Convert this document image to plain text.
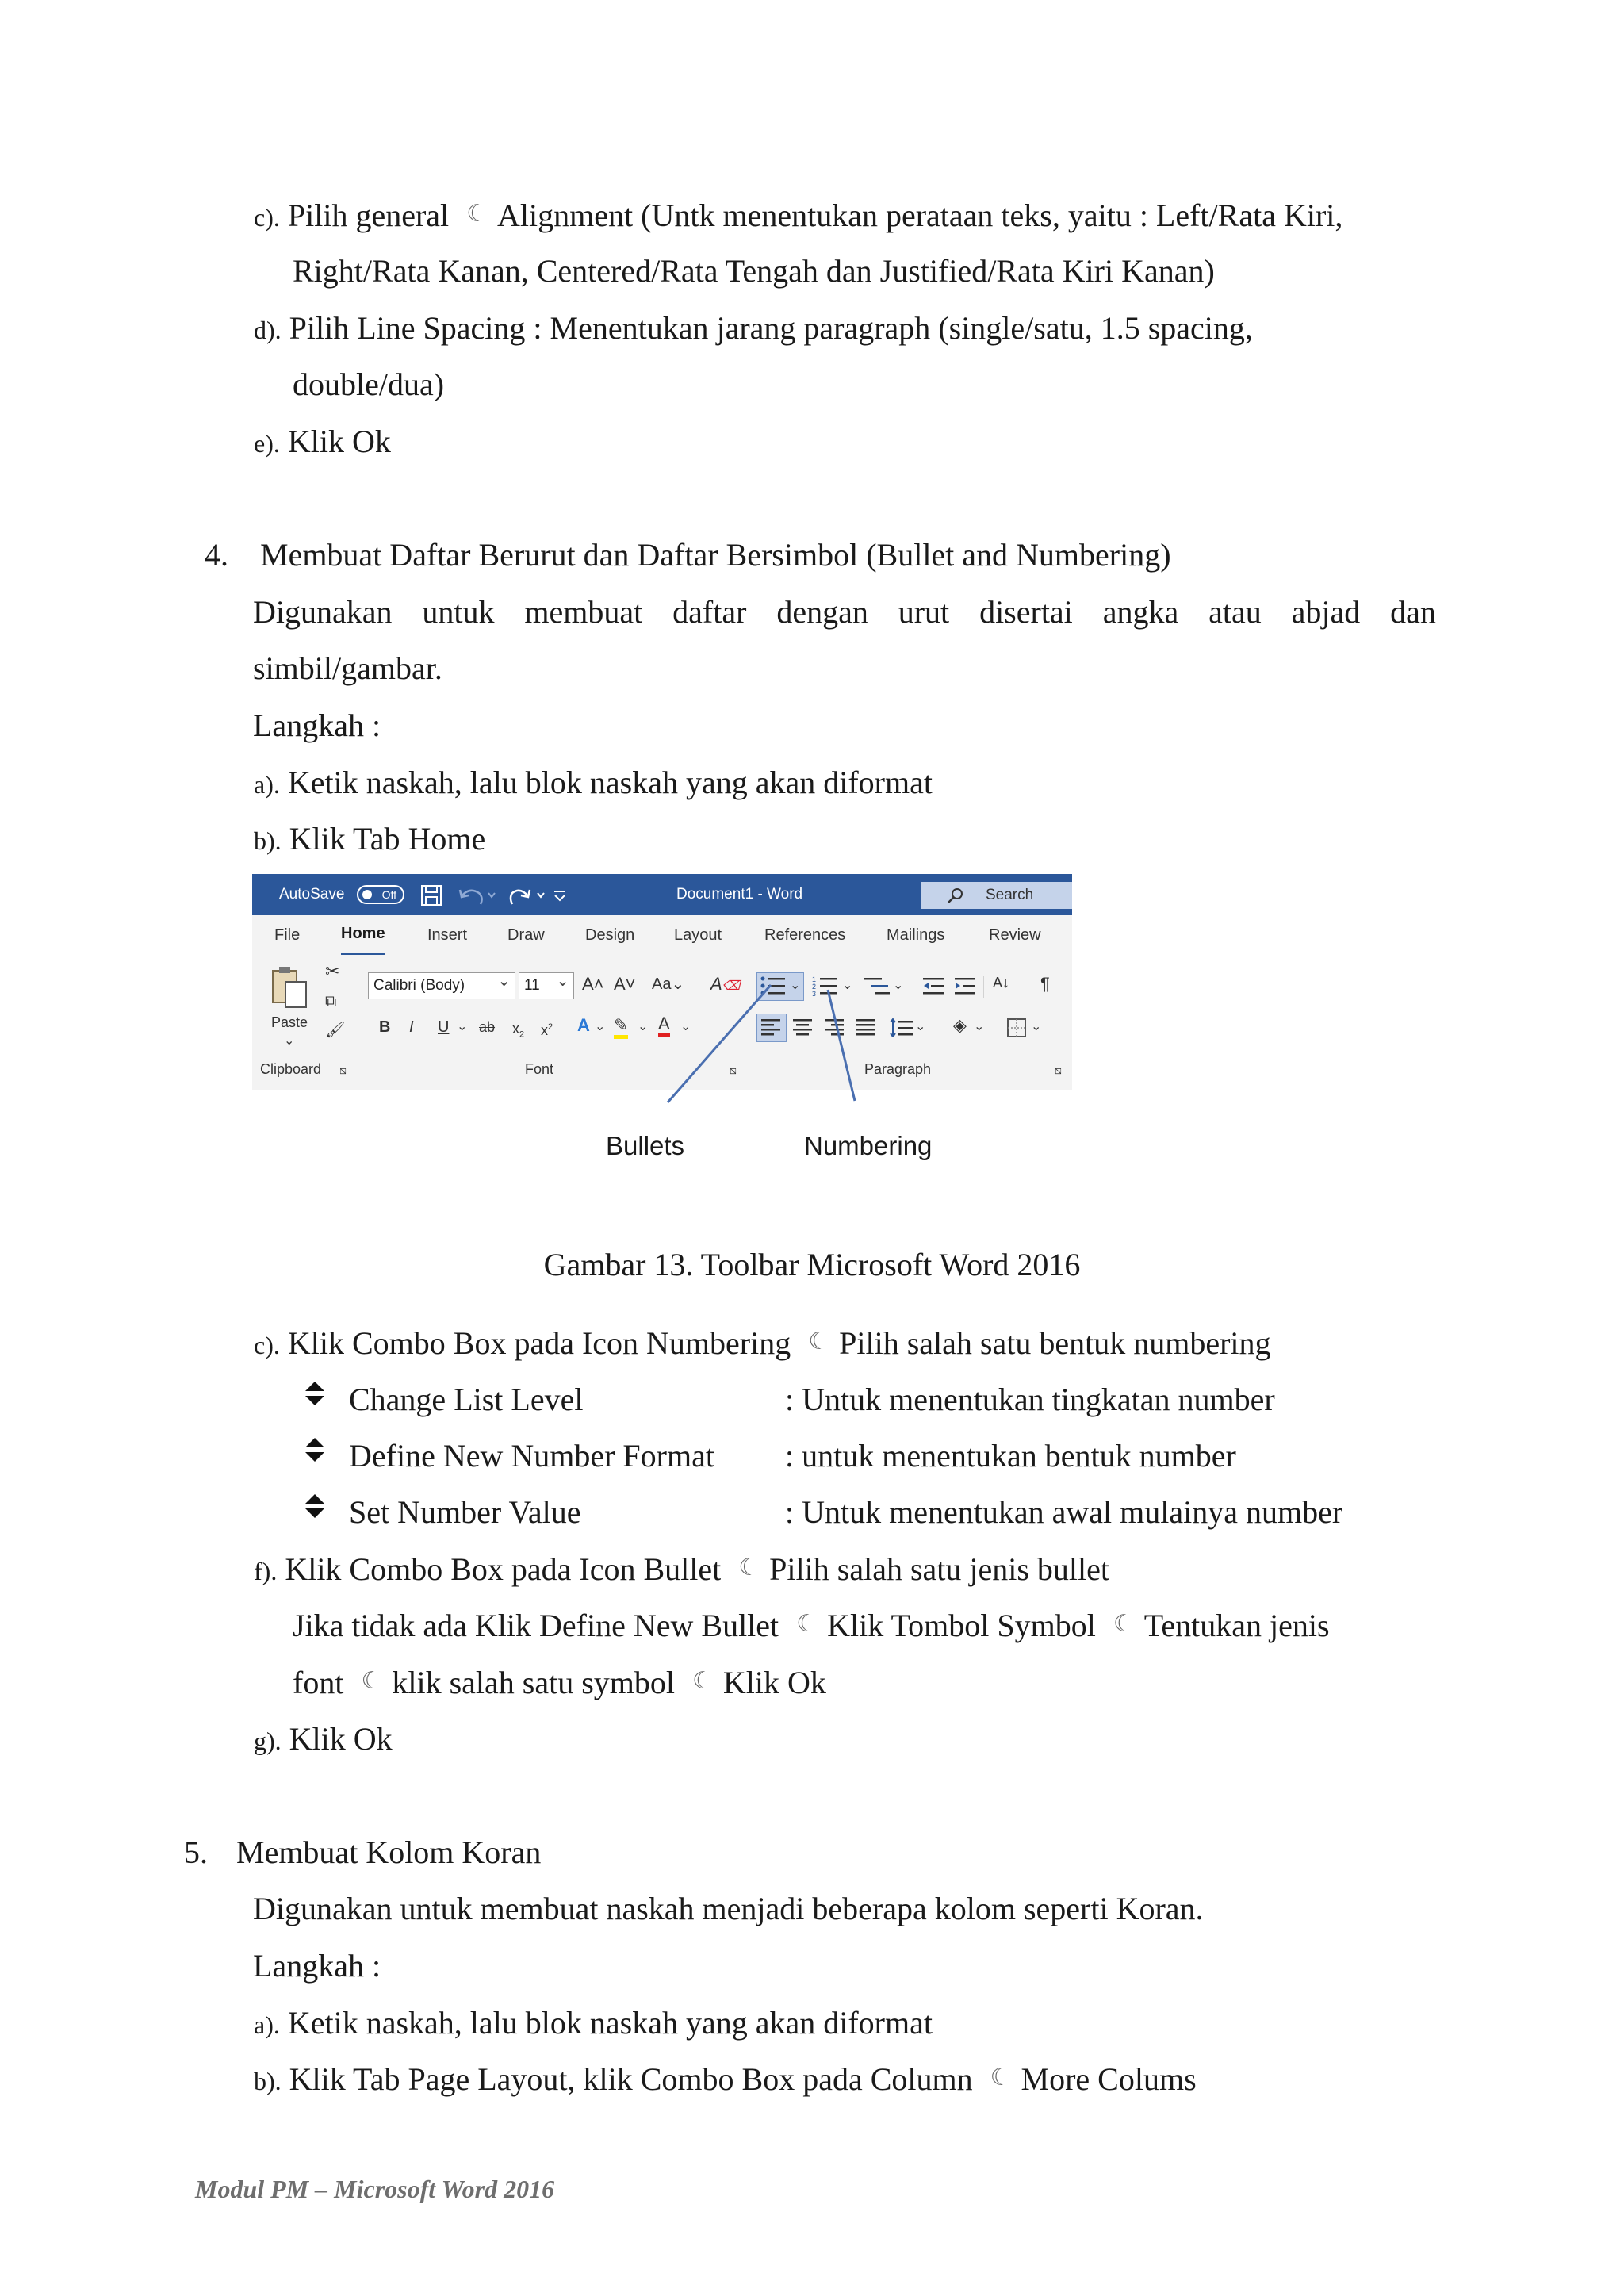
c). Pilih general ☾ Alignment (Untk menentukan perataan teks, yaitu : Left/Rata Kiri,
Right/Rata Kanan, Centered/Rata Tengah dan Justified/Rata Kiri Kanan)
d). Pilih Line Spacing : Menentukan jarang paragraph (single/satu, 1.5 spacing,
double/dua)
e). Klik Ok
4. Membuat Daftar Berurut dan Daftar Bersimbol (Bullet and Numbering)
Digunakan untuk membuat daftar dengan urut disertai angka atau abjad dan
simbil/gambar.
Langkah :
a). Ketik naskah, lalu blok naskah yang akan diformat
b). Klik Tab Home
AutoSave	Off	Document1 - Word	Search
File	Home	Insert	Draw	Design Layout	References	Mailings	Review
Paste
⌄
✂
⧉
🖌
Clipboard ⧅
Calibri (Body) ⌄	11 ⌄	A˄ A˅ Aa⌄ A⌫
B I U ⌄ ab $x_2$ $x^2$ A ⌄ ✎ ⌄ A ⌄
Font	⧅
⌄ 1
2
3
⌄	⌄	A↓ ¶
⌄ ◈ ⌄	⌄
Paragraph	⧅
Bullets	Numbering
Gambar 13. Toolbar Microsoft Word 2016
c). Klik Combo Box pada Icon Numbering ☾ Pilih salah satu bentuk numbering
Change List Level	: Untuk menentukan tingkatan number
Define New Number Format : untuk menentukan bentuk number
Set Number Value	: Untuk menentukan awal mulainya number
f). Klik Combo Box pada Icon Bullet ☾ Pilih salah satu jenis bullet
Jika tidak ada Klik Define New Bullet ☾ Klik Tombol Symbol ☾ Tentukan jenis
font ☾ klik salah satu symbol ☾ Klik Ok
g). Klik Ok
5. Membuat Kolom Koran
Digunakan untuk membuat naskah menjadi beberapa kolom seperti Koran.
Langkah :
a). Ketik naskah, lalu blok naskah yang akan diformat
b). Klik Tab Page Layout, klik Combo Box pada Column ☾ More Colums
Modul PM – Microsoft Word 2016
